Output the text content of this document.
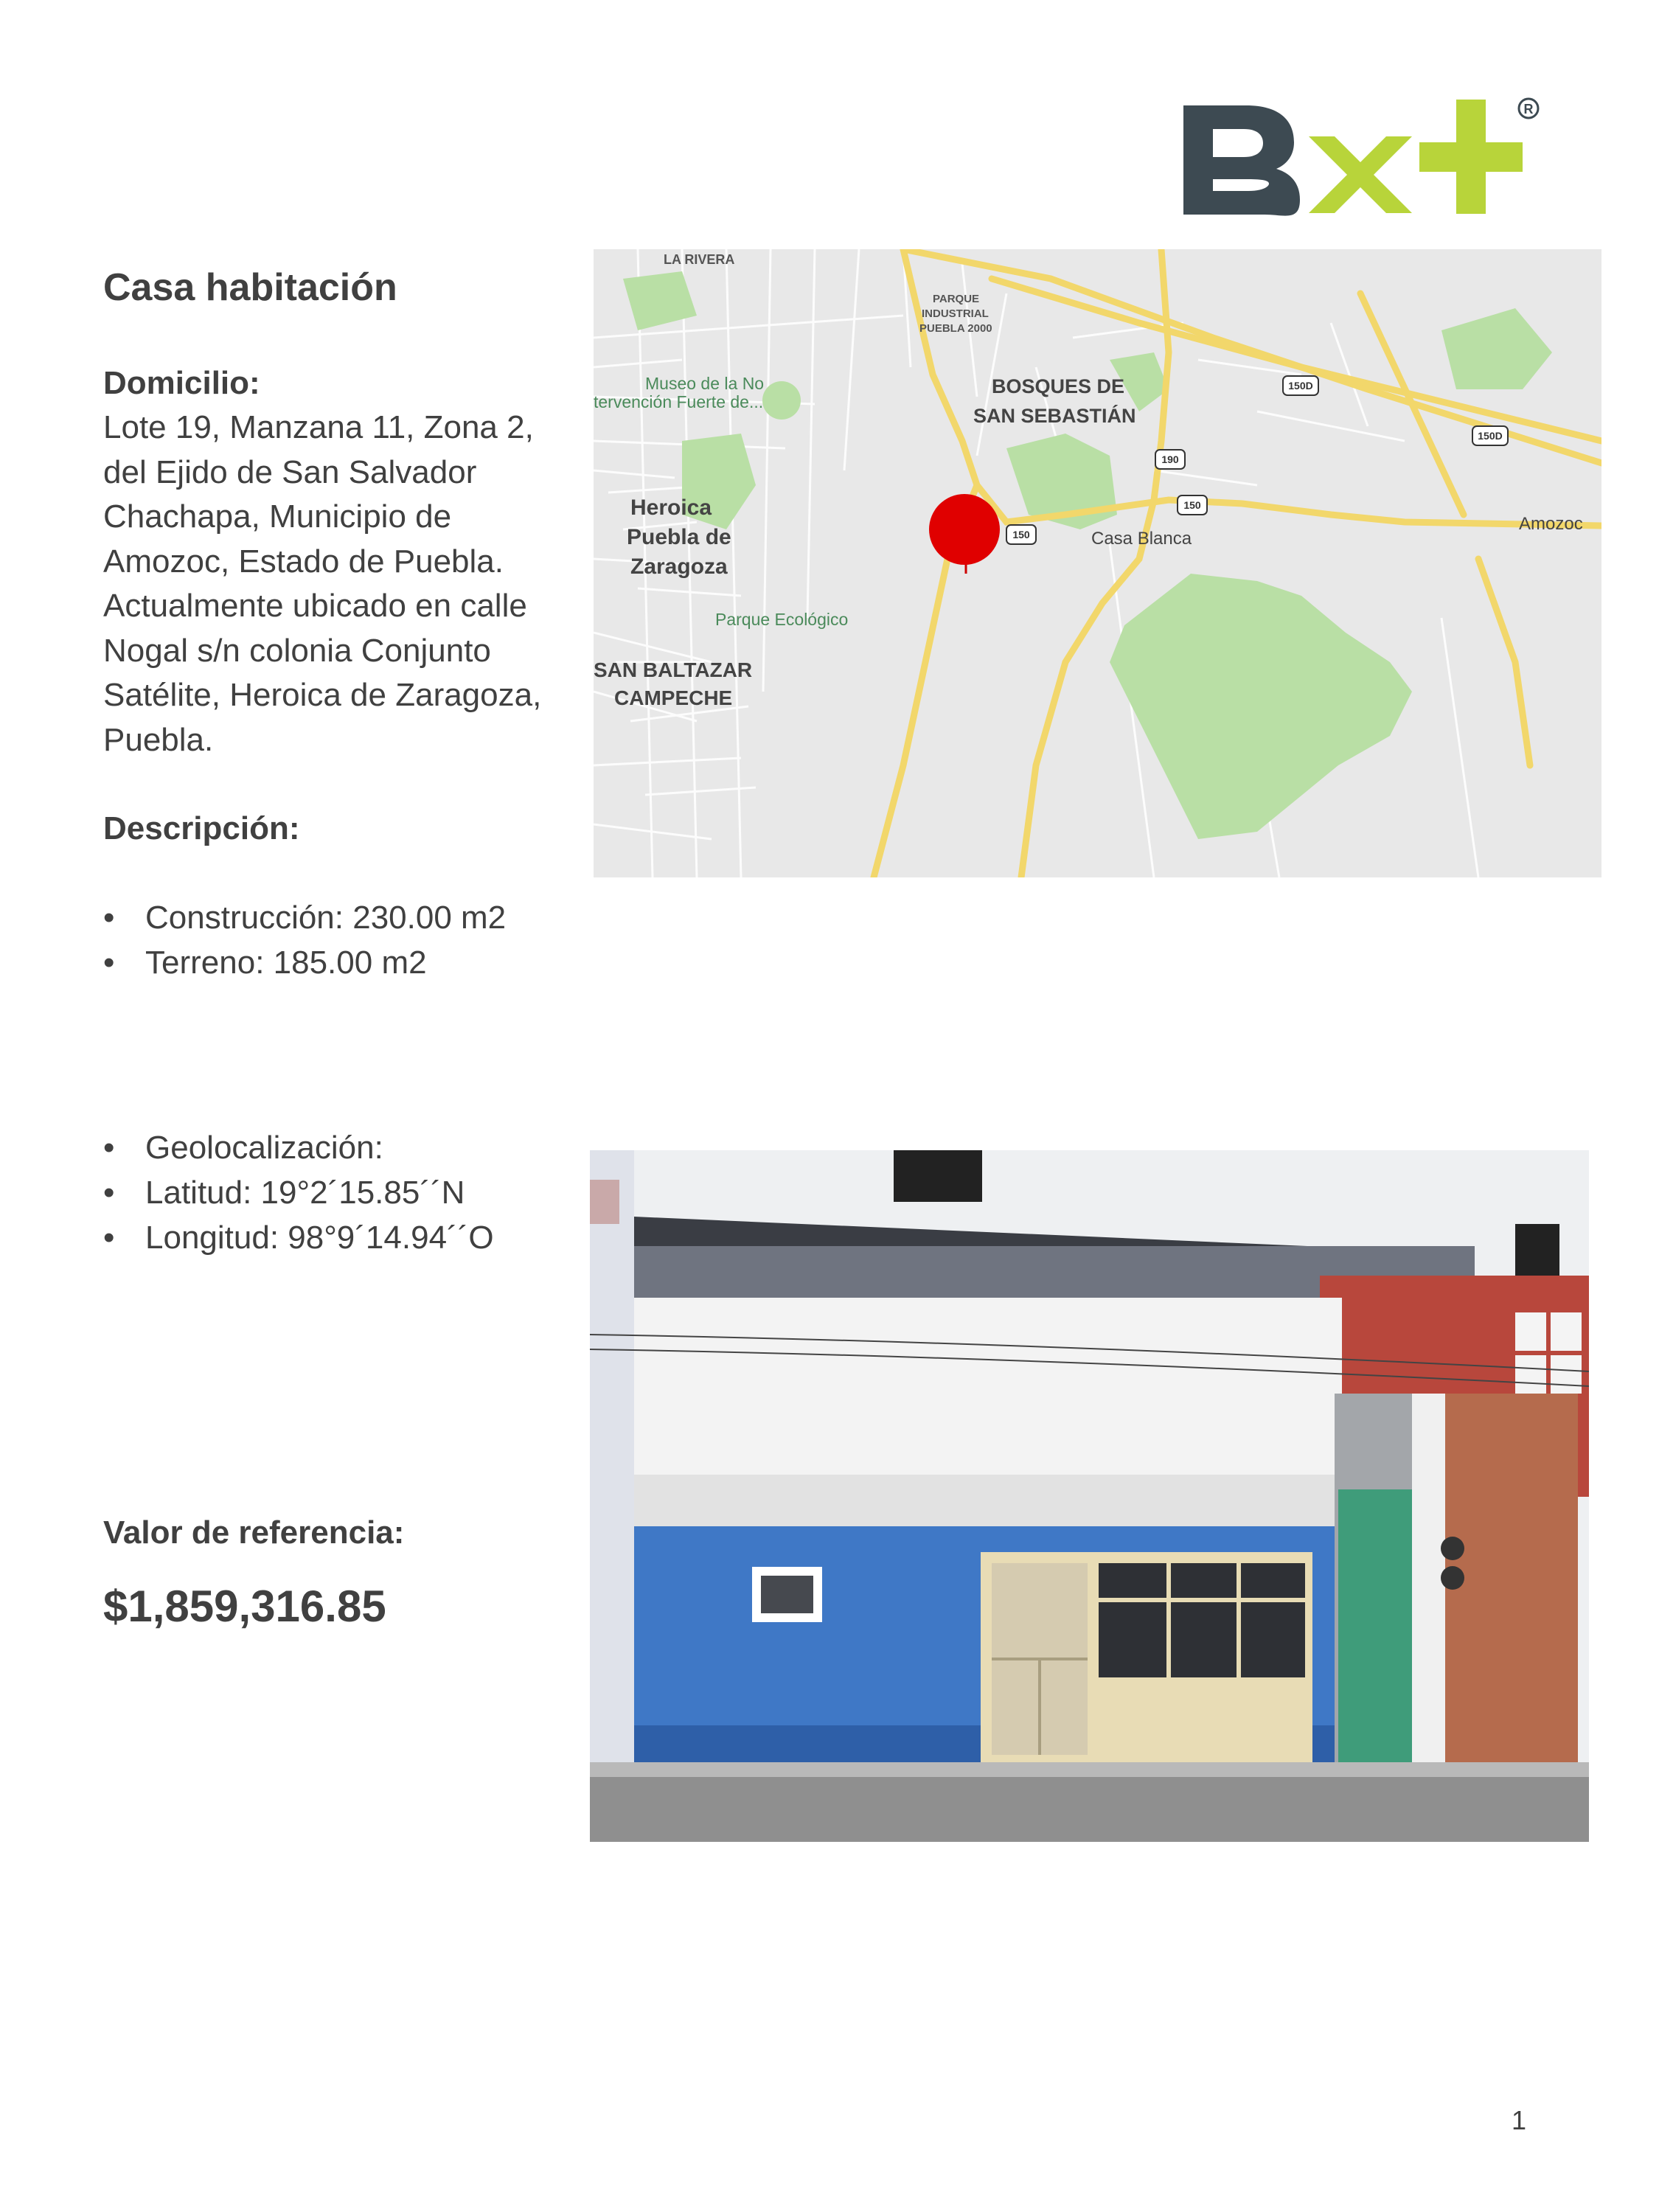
R

Casa habitación

Domicilio:

Lote 19, Manzana 11, Zona 2,

del Ejido de San Salvador

Chachapa, Municipio de

Amozoc, Estado de Puebla.

Actualmente ubicado en calle

Nogal s/n colonia Conjunto

Satélite, Heroica de Zaragoza,

Puebla.

Descripción:

• Construcción: 230.00 m2
• Terreno: 185.00 m2
• Geolocalización:
• Latitud: 19°2´15.85´´N
• Longitud: 98°9´14.94´´O

Valor de referencia:

$1,859,316.85

150D
150D
190
150
150
LA RIVERA
PARQUE
INDUSTRIAL
PUEBLA 2000
BOSQUES DE
SAN SEBASTIÁN
Heroica
Puebla de
Zaragoza
SAN BALTAZAR
CAMPECHE
Museo de la No
tervención Fuerte de...
Parque Ecológico
Casa Blanca
Amozoc
1
